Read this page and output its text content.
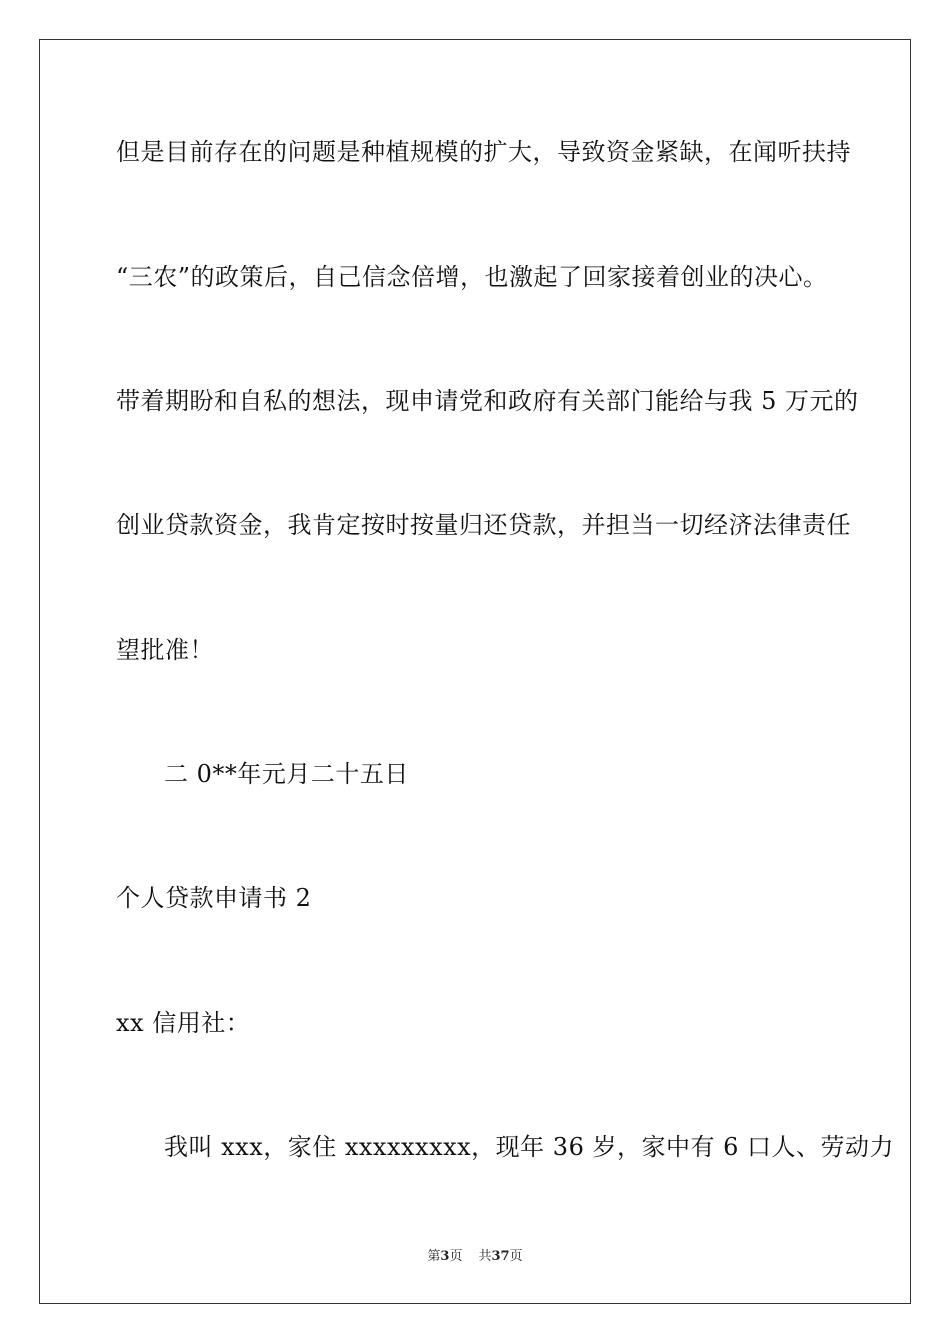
但是目前存在的问题是种植规模的扩大，导致资金紧缺，在闻听扶持
“三农”的政策后，自己信念倍增，也激起了回家接着创业的决心。
带着期盼和自私的想法，现申请党和政府有关部门能给与我 5 万元的
创业贷款资金，我肯定按时按量归还贷款，并担当一切经济法律责任
望批准！
二 0**年元月二十五日
个人贷款申请书 2
xx 信用社：
我叫 xxx，家住 xxxxxxxxx，现年 36 岁，家中有 6 口人、劳动力
第3页 共37页
